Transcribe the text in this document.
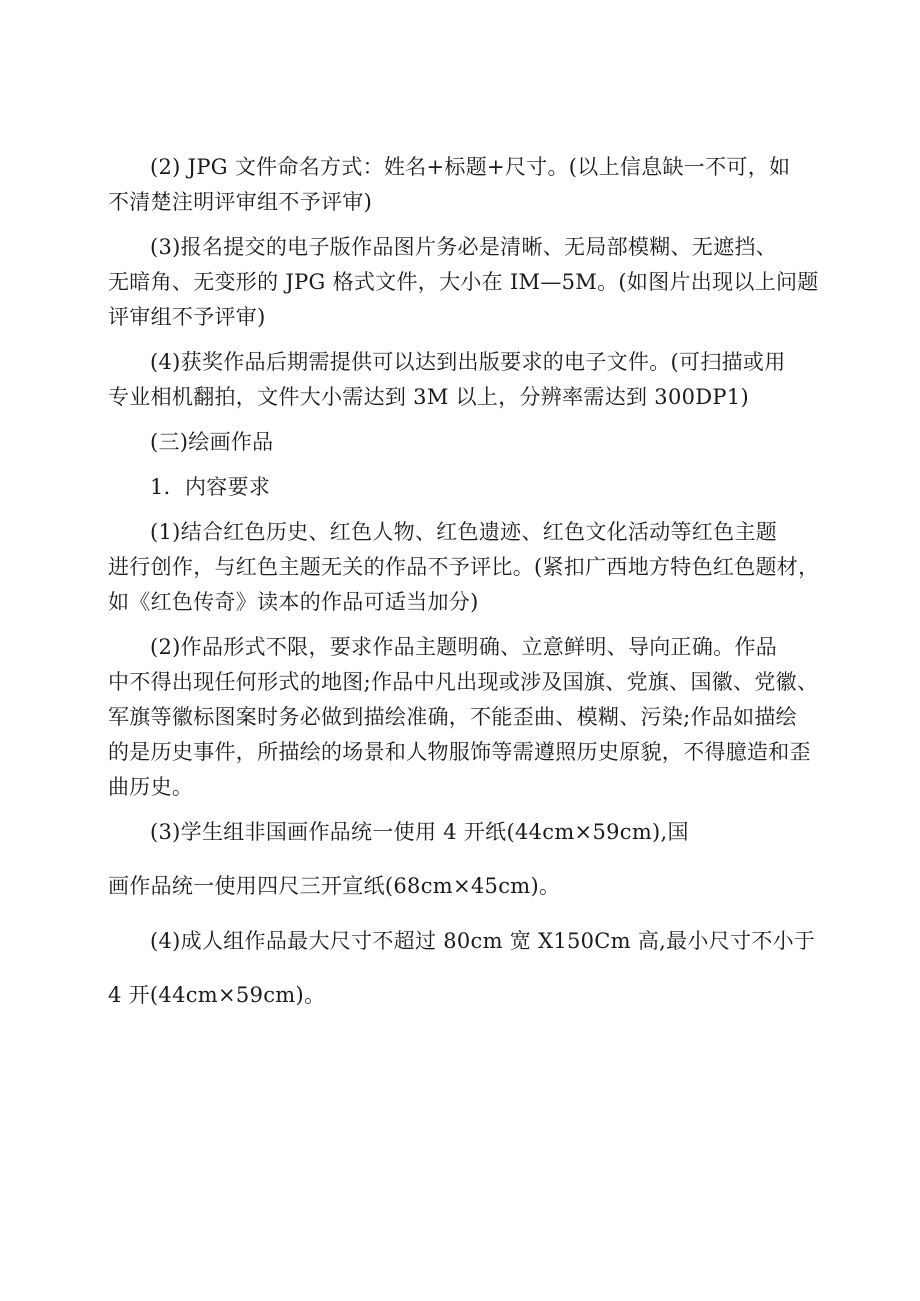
(2) JPG 文件命名方式：姓名+标题+尺寸。(以上信息缺一不可，如
不清楚注明评审组不予评审)
(3)报名提交的电子版作品图片务必是清晰、无局部模糊、无遮挡、
无暗角、无变形的 JPG 格式文件，大小在 IM—5M。(如图片出现以上问题
评审组不予评审)
(4)获奖作品后期需提供可以达到出版要求的电子文件。(可扫描或用
专业相机翻拍，文件大小需达到 3M 以上，分辨率需达到 300DP1)
(三)绘画作品
1．内容要求
(1)结合红色历史、红色人物、红色遗迹、红色文化活动等红色主题
进行创作，与红色主题无关的作品不予评比。(紧扣广西地方特色红色题材，
如《红色传奇》读本的作品可适当加分)
(2)作品形式不限，要求作品主题明确、立意鲜明、导向正确。作品
中不得出现任何形式的地图;作品中凡出现或涉及国旗、党旗、国徽、党徽、
军旗等徽标图案时务必做到描绘准确，不能歪曲、模糊、污染;作品如描绘
的是历史事件，所描绘的场景和人物服饰等需遵照历史原貌，不得臆造和歪
曲历史。
(3)学生组非国画作品统一使用 4 开纸(44cm×59cm),国
画作品统一使用四尺三开宣纸(68cm×45cm)。
(4)成人组作品最大尺寸不超过 80cm 宽 X150Cm 高,最小尺寸不小于
4 开(44cm×59cm)。
